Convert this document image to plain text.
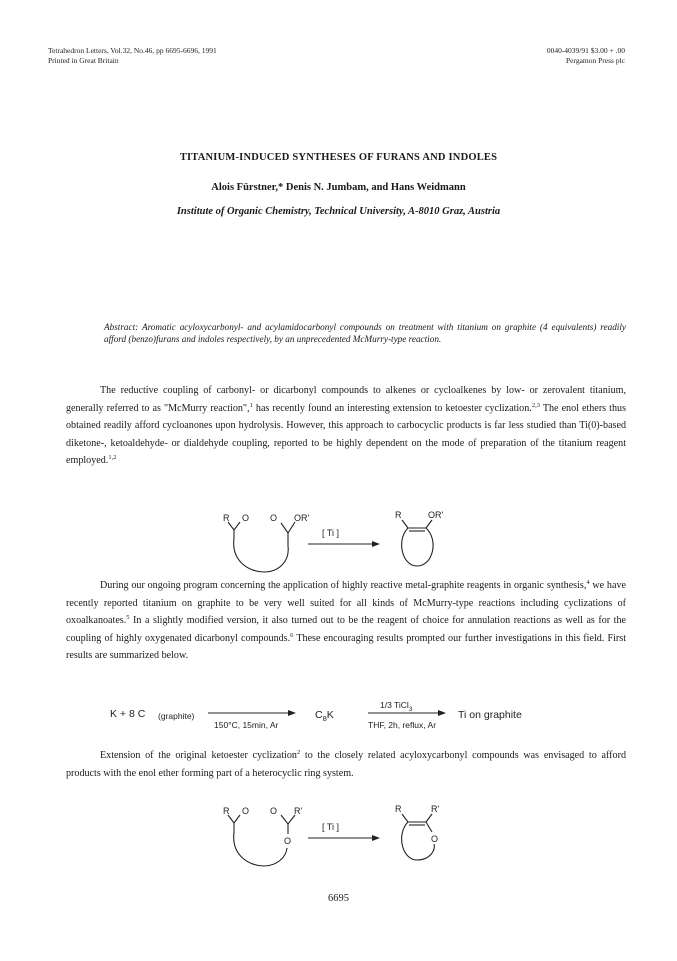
Tetrahedron Letters, Vol.32, No.46, pp 6695-6696, 1991
Printed in Great Britain
0040-4039/91 $3.00 + .00
Pergamon Press plc
TITANIUM-INDUCED SYNTHESES OF FURANS AND INDOLES
Alois Fürstner,* Denis N. Jumbam, and Hans Weidmann
Institute of Organic Chemistry, Technical University, A-8010 Graz, Austria
Abstract: Aromatic acyloxycarbonyl- and acylamidocarbonyl compounds on treatment with titanium on graphite (4 equivalents) readily afford (benzo)furans and indoles respectively, by an unprecedented McMurry-type reaction.
The reductive coupling of carbonyl- or dicarbonyl compounds to alkenes or cycloalkenes by low- or zerovalent titanium, generally referred to as "McMurry reaction",$^1$ has recently found an interesting extension to ketoester cyclization.$^{2,3}$ The enol ethers thus obtained readily afford cycloanones upon hydrolysis. However, this approach to carbocyclic products is far less studied than Ti(0)-based diketone-, ketoaldehyde- or dialdehyde coupling, reported to be highly dependent on the mode of preparation of the titanium reagent employed.$^{1,2}$
R O O OR'
[ Ti ]
R	OR'
During our ongoing program concerning the application of highly reactive metal-graphite reagents in organic synthesis,$^4$ we have recently reported titanium on graphite to be very well suited for all kinds of McMurry-type reactions including cyclizations of oxoalkanoates.$^5$ In a slightly modified version, it also turned out to be the reagent of choice for annulation reactions as well as for the coupling of highly oxygenated dicarbonyl compounds.$^6$ These encouraging results prompted our further investigations in this field. First results are summarized below.
K + 8 C (graphite)
150°C, 15min, Ar
$C_8K$
1/3 TiCl$_3$
THF, 2h, reflux, Ar
Ti on graphite
Extension of the original ketoester cyclization$^2$ to the closely related acyloxycarbonyl compounds was envisaged to afford products with the enol ether forming part of a heterocyclic ring system.
R O O R'
O
[ Ti ]
R	R'
O
6695
